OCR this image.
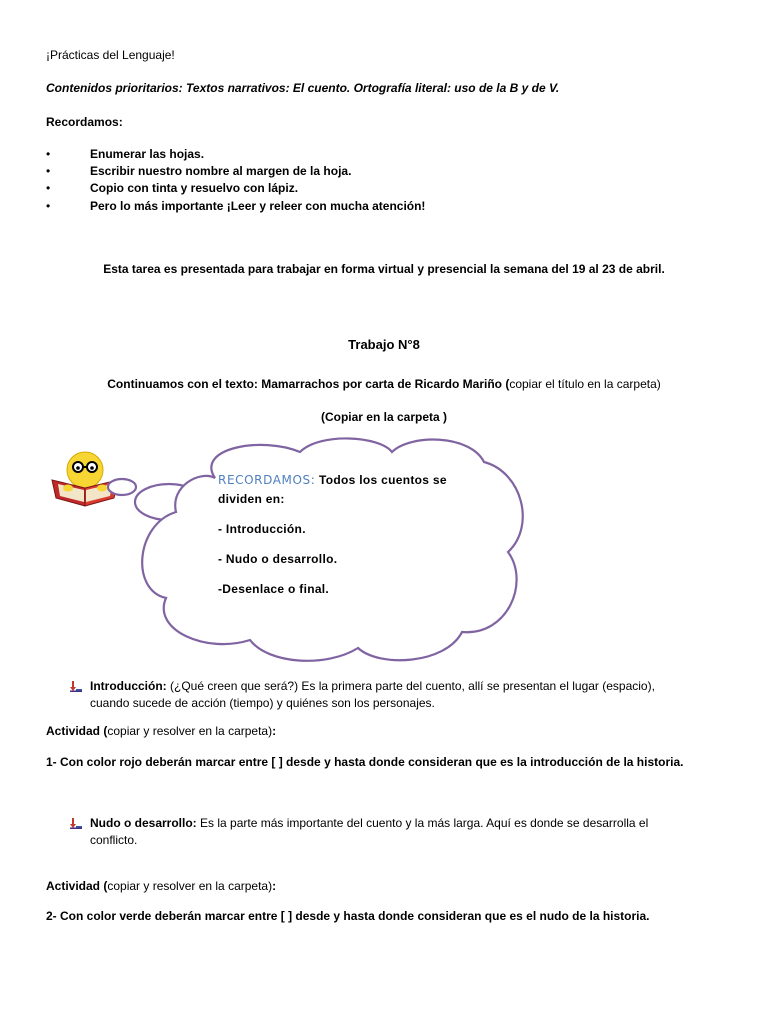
¡Prácticas del Lenguaje!
Contenidos prioritarios: Textos narrativos: El cuento. Ortografía literal: uso de la B y de V.
Recordamos:
•	Enumerar las hojas.
•	Escribir nuestro nombre al margen de la hoja.
•	Copio con tinta y resuelvo con lápiz.
•	Pero lo más importante ¡Leer y releer con mucha atención!
Esta tarea es presentada para trabajar en forma virtual y presencial la semana del 19 al 23 de abril.
Trabajo N°8
Continuamos con el texto: Mamarrachos por carta de Ricardo Mariño (copiar el título en la carpeta)
(Copiar en la carpeta )
RECORDAMOS: Todos los cuentos se
dividen en:
- Introducción.
- Nudo o desarrollo.
-Desenlace o final.
Introducción: (¿Qué creen que será?) Es la primera parte del cuento, allí se presentan el lugar (espacio),
cuando sucede de acción (tiempo) y quiénes son los personajes.
Actividad (copiar y resolver en la carpeta):
1- Con color rojo deberán marcar entre [ ] desde y hasta donde consideran que es la introducción de la historia.
Nudo o desarrollo: Es la parte más importante del cuento y la más larga. Aquí es donde se desarrolla el
conflicto.
Actividad (copiar y resolver en la carpeta):
2- Con color verde deberán marcar entre [ ] desde y hasta donde consideran que es el nudo de la historia.
